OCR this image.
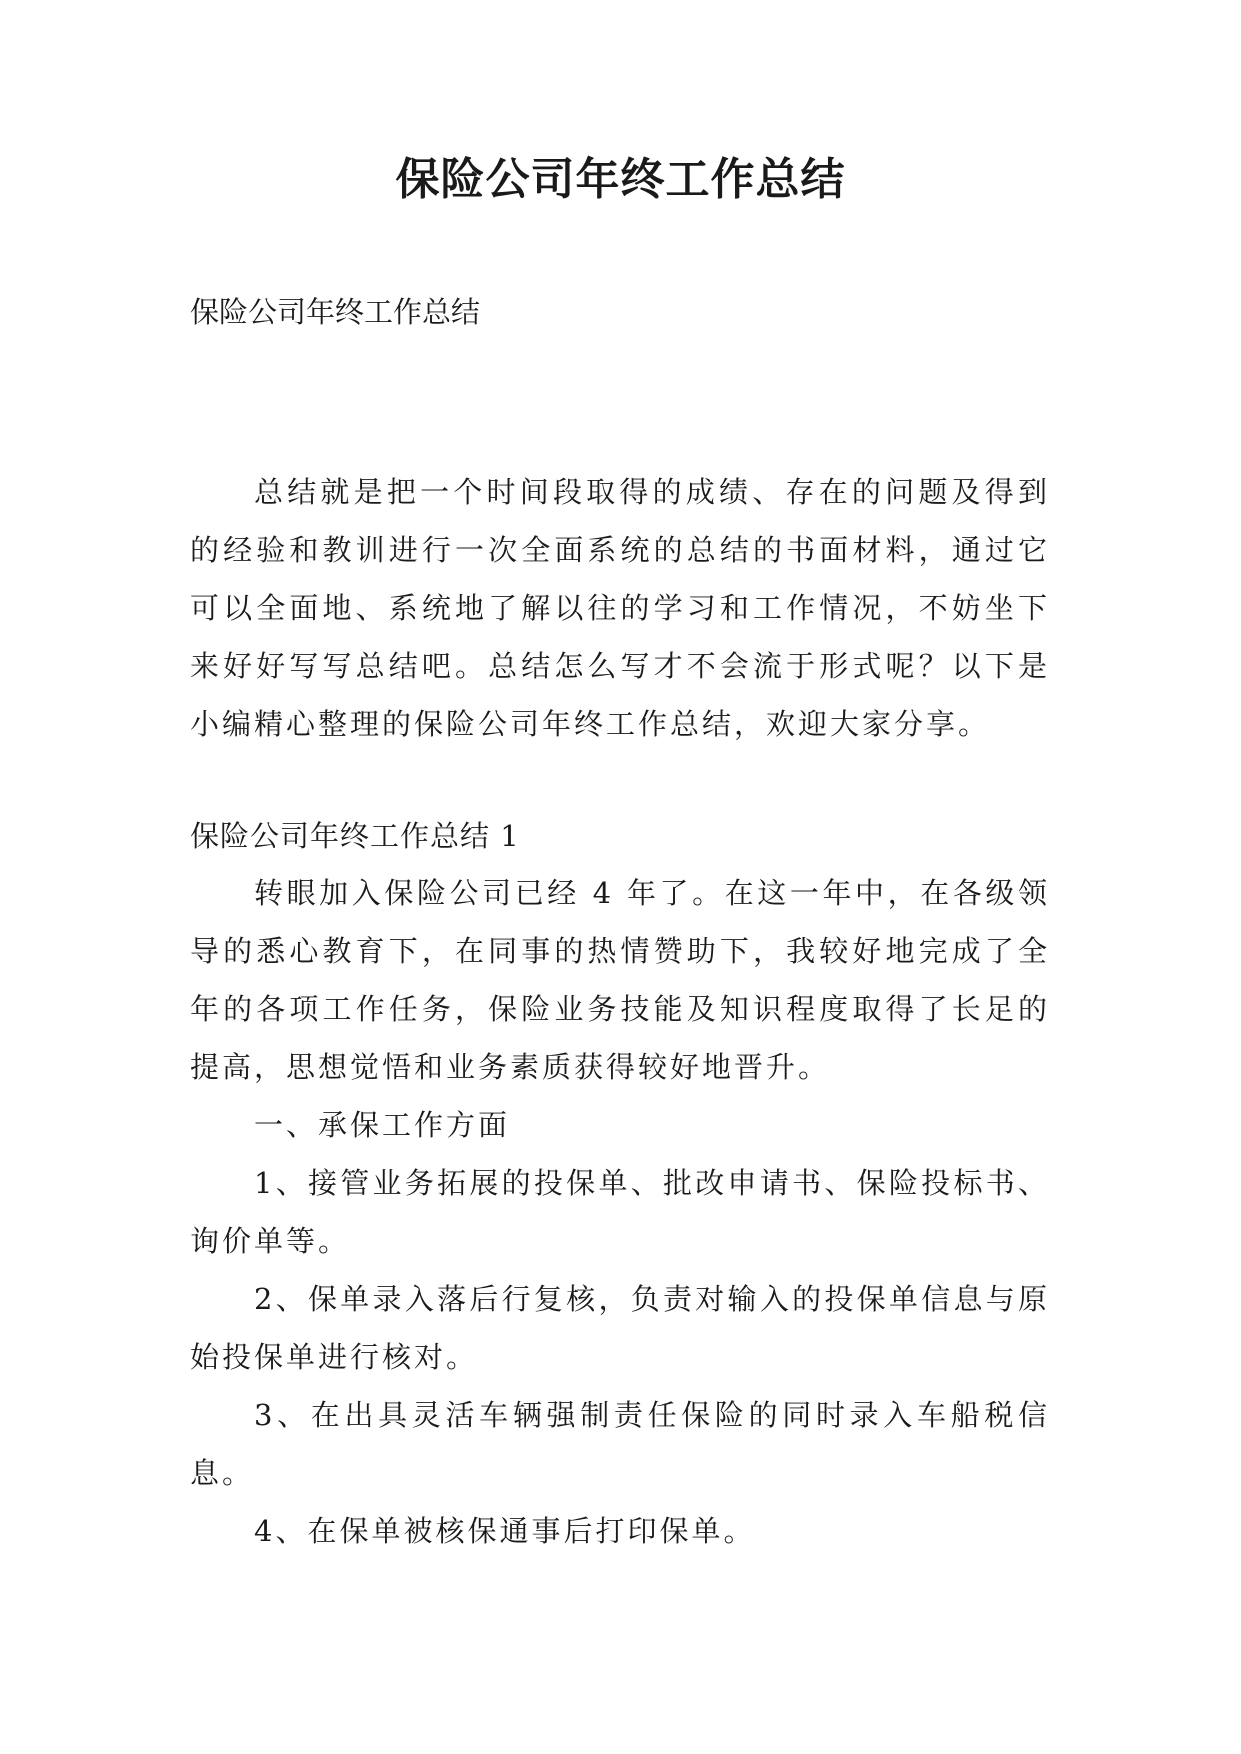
保险公司年终工作总结
保险公司年终工作总结
总结就是把一个时间段取得的成绩、存在的问题及得到的经验和教训进行一次全面系统的总结的书面材料，通过它可以全面地、系统地了解以往的学习和工作情况，不妨坐下来好好写写总结吧。总结怎么写才不会流于形式呢？以下是小编精心整理的保险公司年终工作总结，欢迎大家分享。
保险公司年终工作总结 1

转眼加入保险公司已经 4 年了。在这一年中，在各级领导的悉心教育下，在同事的热情赞助下，我较好地完成了全年的各项工作任务，保险业务技能及知识程度取得了长足的提高，思想觉悟和业务素质获得较好地晋升。

一、承保工作方面

1、接管业务拓展的投保单、批改申请书、保险投标书、询价单等。

2、保单录入落后行复核，负责对输入的投保单信息与原始投保单进行核对。

3、在出具灵活车辆强制责任保险的同时录入车船税信息。

4、在保单被核保通事后打印保单。
